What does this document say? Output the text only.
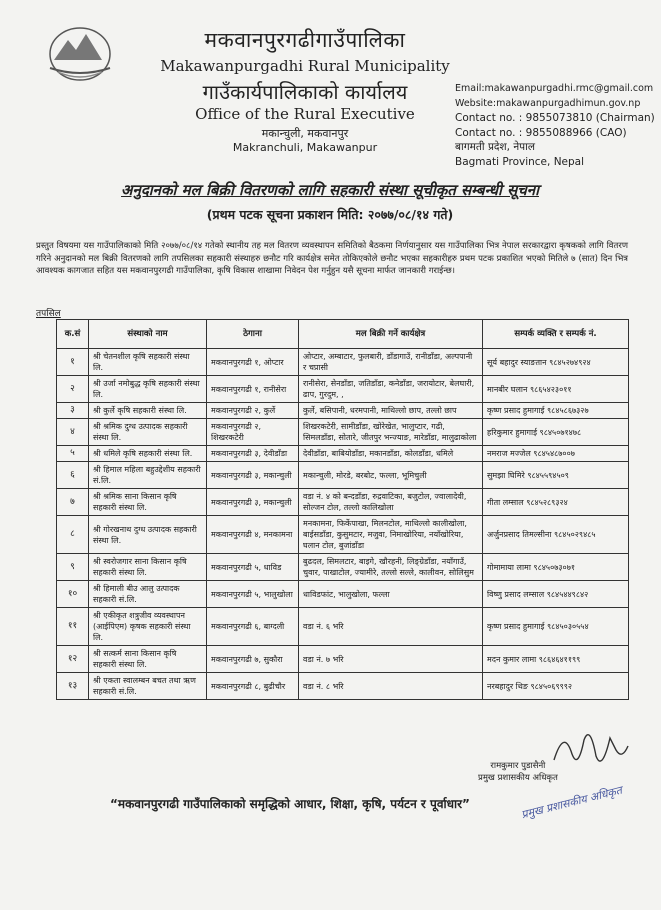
मकवानपुरगढीगाउँपालिका
Makawanpurgadhi Rural Municipality
गाउँकार्यपालिकाको कार्यालय
Office of the Rural Executive
मकान्चुली, मकवानपुर
Makranchuli, Makawanpur
Email:makawanpurgadhi.rmc@gmail.com
Website:makawanpurgadhimun.gov.np
Contact no. : 9855073810 (Chairman)
Contact no. : 9855088966 (CAO)
बागमती प्रदेश, नेपाल
Bagmati Province, Nepal
अनुदानको मल बिक्री वितरणको लागि सहकारी संस्था सूचीकृत सम्बन्धी सूचना
(प्रथम पटक सूचना प्रकाशन मिति: २०७७/०८/१४ गते)
प्रस्तुत विषयमा यस गाउँपालिकाको मिति २०७७/०८/१४ गतेको स्थानीय तह मल वितरण व्यवस्थापन समितिको बैठकमा निर्णयानुसार यस गाउँपालिका भित्र नेपाल सरकारद्वारा कृषकको लागि वितरण गरिने अनुदानको मल बिक्री वितरणको लागि तपसिलका सहकारी संस्थाहरु छनौट गरि कार्यक्षेत्र समेत तोकिएकोले छनौट भएका सहकारीहरु प्रथम पटक प्रकाशित भएको मितिले ७ (सात) दिन भित्र आवश्यक कागजात सहित यस मकवानपुरगढी गाउँपालिका, कृषि विकास शाखामा निवेदन पेश गर्नुहुन यसै सूचना मार्फत जानकारी गराईन्छ।
तपसिल
क.सं	संस्थाको नाम	ठेगाना	मल बिक्री गर्ने कार्यक्षेत्र	सम्पर्क व्यक्ति र सम्पर्क नं.
१	श्री चेतनशील कृषि सहकारी संस्था लि.	मकवानपुरगढी १, ओप्टार	ओप्टार, अम्बाटार, फुलबारी, डाँडागाउँ, रानीडाँडा, अल्पपानी र चप्रासी	सूर्य बहादुर स्याङतान ९८४५२७४९२४
२	श्री उर्जा नमोबुद्ध कृषि सहकारी संस्था लि.	मकवानपुरगढी १, रानीसेरा	रानीसेरा, सेनडाँडा, जतिडाँडा, कनेडाँडा, जरायोटार, बेलघारी, ढाप, गुरदुम, ,	मानबीर घलान ९८६५४२३०११
३	श्री कुर्ले कृषि सहकारी संस्था लि.	मकवानपुरगढी २, कुर्ले	कुर्ले, बसिपानी, धरमपानी, माथिल्लो छाप, तल्लो छाप	कृष्ण प्रसाद हुमागाई ९८४५८६७३२७
४	श्री श्रमिक दुग्ध उत्पादक सहकारी संस्था लि.	मकवानपुरगढी २, शिखरकटेरी	शिखरकटेरी, सामीडाँडा, खोरेखेत, भालुप्टार, गढी, सिमलडाँडा, सोतारे, जीतपुर भन्ज्याङ, मारेडाँडा, मालुढाकोला	हरिकुमार हुमागाई ९८४५०७१४७८
५	श्री धमिले कृषि सहकारी संस्था लि.	मकवानपुरगढी ३, देवीडाँडा	देवीडाँडा, बाबियोडाँडा, मकानडाँडा, कोलडाँडा, धमिले	नमराज मज्जेल ९८४५४८७००७
६	श्री हिमाल महिला बहुउद्देशीय सहकारी सं.लि.	मकवानपुरगढी ३, मकान्चुली	मकान्चुली, मोरडे, बरबोट, फल्ला, भूमिचुली	सुमझा घिमिरे ९८४५५९४५०९
७	श्री श्रमिक साना किसान कृषि सहकारी संस्था लि.	मकवानपुरगढी ३, मकान्चुली	वडा नं. ४ को बन्दडाँडा, रुद्रवाटिका, बजुटोल, ज्वालादेवी, सोल्जन टोल, तल्लो कालिखोला	गीता लम्साल ९८४५२८९३२४
८	श्री गोरखनाथ दुग्ध उत्पादक सहकारी संस्था लि.	मकवानपुरगढी ४, मनकामना	मनकामना, फिर्केपाखा, मिलनटोल, माथिल्लो कालीखोला, बाईसडाँडा, कुसुमटार, मजुवा, निमाखोरिया, नयाँखोरिया, घलान टोल, बुजांडाँडा	अर्जुनप्रसाद तिमल्सीना ९८४५०२९४८५
९	श्री स्वरोजगार साना किसान कृषि सहकारी संस्था लि.	मकवानपुरगढी ५, धाविड	बुढदल, सिमलटार, बाइगे, खौरहनी, लिङ्ग्रेडाँडा, नयाँगाउँ, चुवार, पाखाटोल, ज्यामीरे, तल्लो सल्ले, कालीवन, सोलिसुम	गोमामाया लामा ९८४५०७३०७१
१०	श्री हिमाली बीउ आलु उत्पादक सहकारी सं.लि.	मकवानपुरगढी ५, भालुखोला	धाविडफांट, भालुखोला, फल्ला	विष्णु प्रसाद लम्साल ९८४५४४९८४२
११	श्री एकीकृत शत्रुजीव व्यवस्थापन (आईपिएम) कृषक सहकारी संस्था लि.	मकवानपुरगढी ६, बाग्दली	वडा नं. ६ भरि	कृष्ण प्रसाद हुमागाई ९८४५०३०५५४
१२	श्री सत्कर्म साना किसान कृषि सहकारी संस्था लि.	मकवानपुरगढी ७, सुकौरा	वडा नं. ७ भरि	मदन कुमार लामा ९८६४६४११९९
१३	श्री एकता स्वालम्बन बचत तथा ऋण सहकारी सं.लि.	मकवानपुरगढी ८, बुढीचौर	वडा नं. ८ भरि	नरबहादुर थिङ ९८४५०६९९९२
रामकुमार पुडासैनी
प्रमुख प्रशासकीय अधिकृत
“मकवानपुरगढी गाउँपालिकाको समृद्धिको आधार, शिक्षा, कृषि, पर्यटन र पूर्वाधार”	प्रमुख प्रशासकीय अधिकृत
